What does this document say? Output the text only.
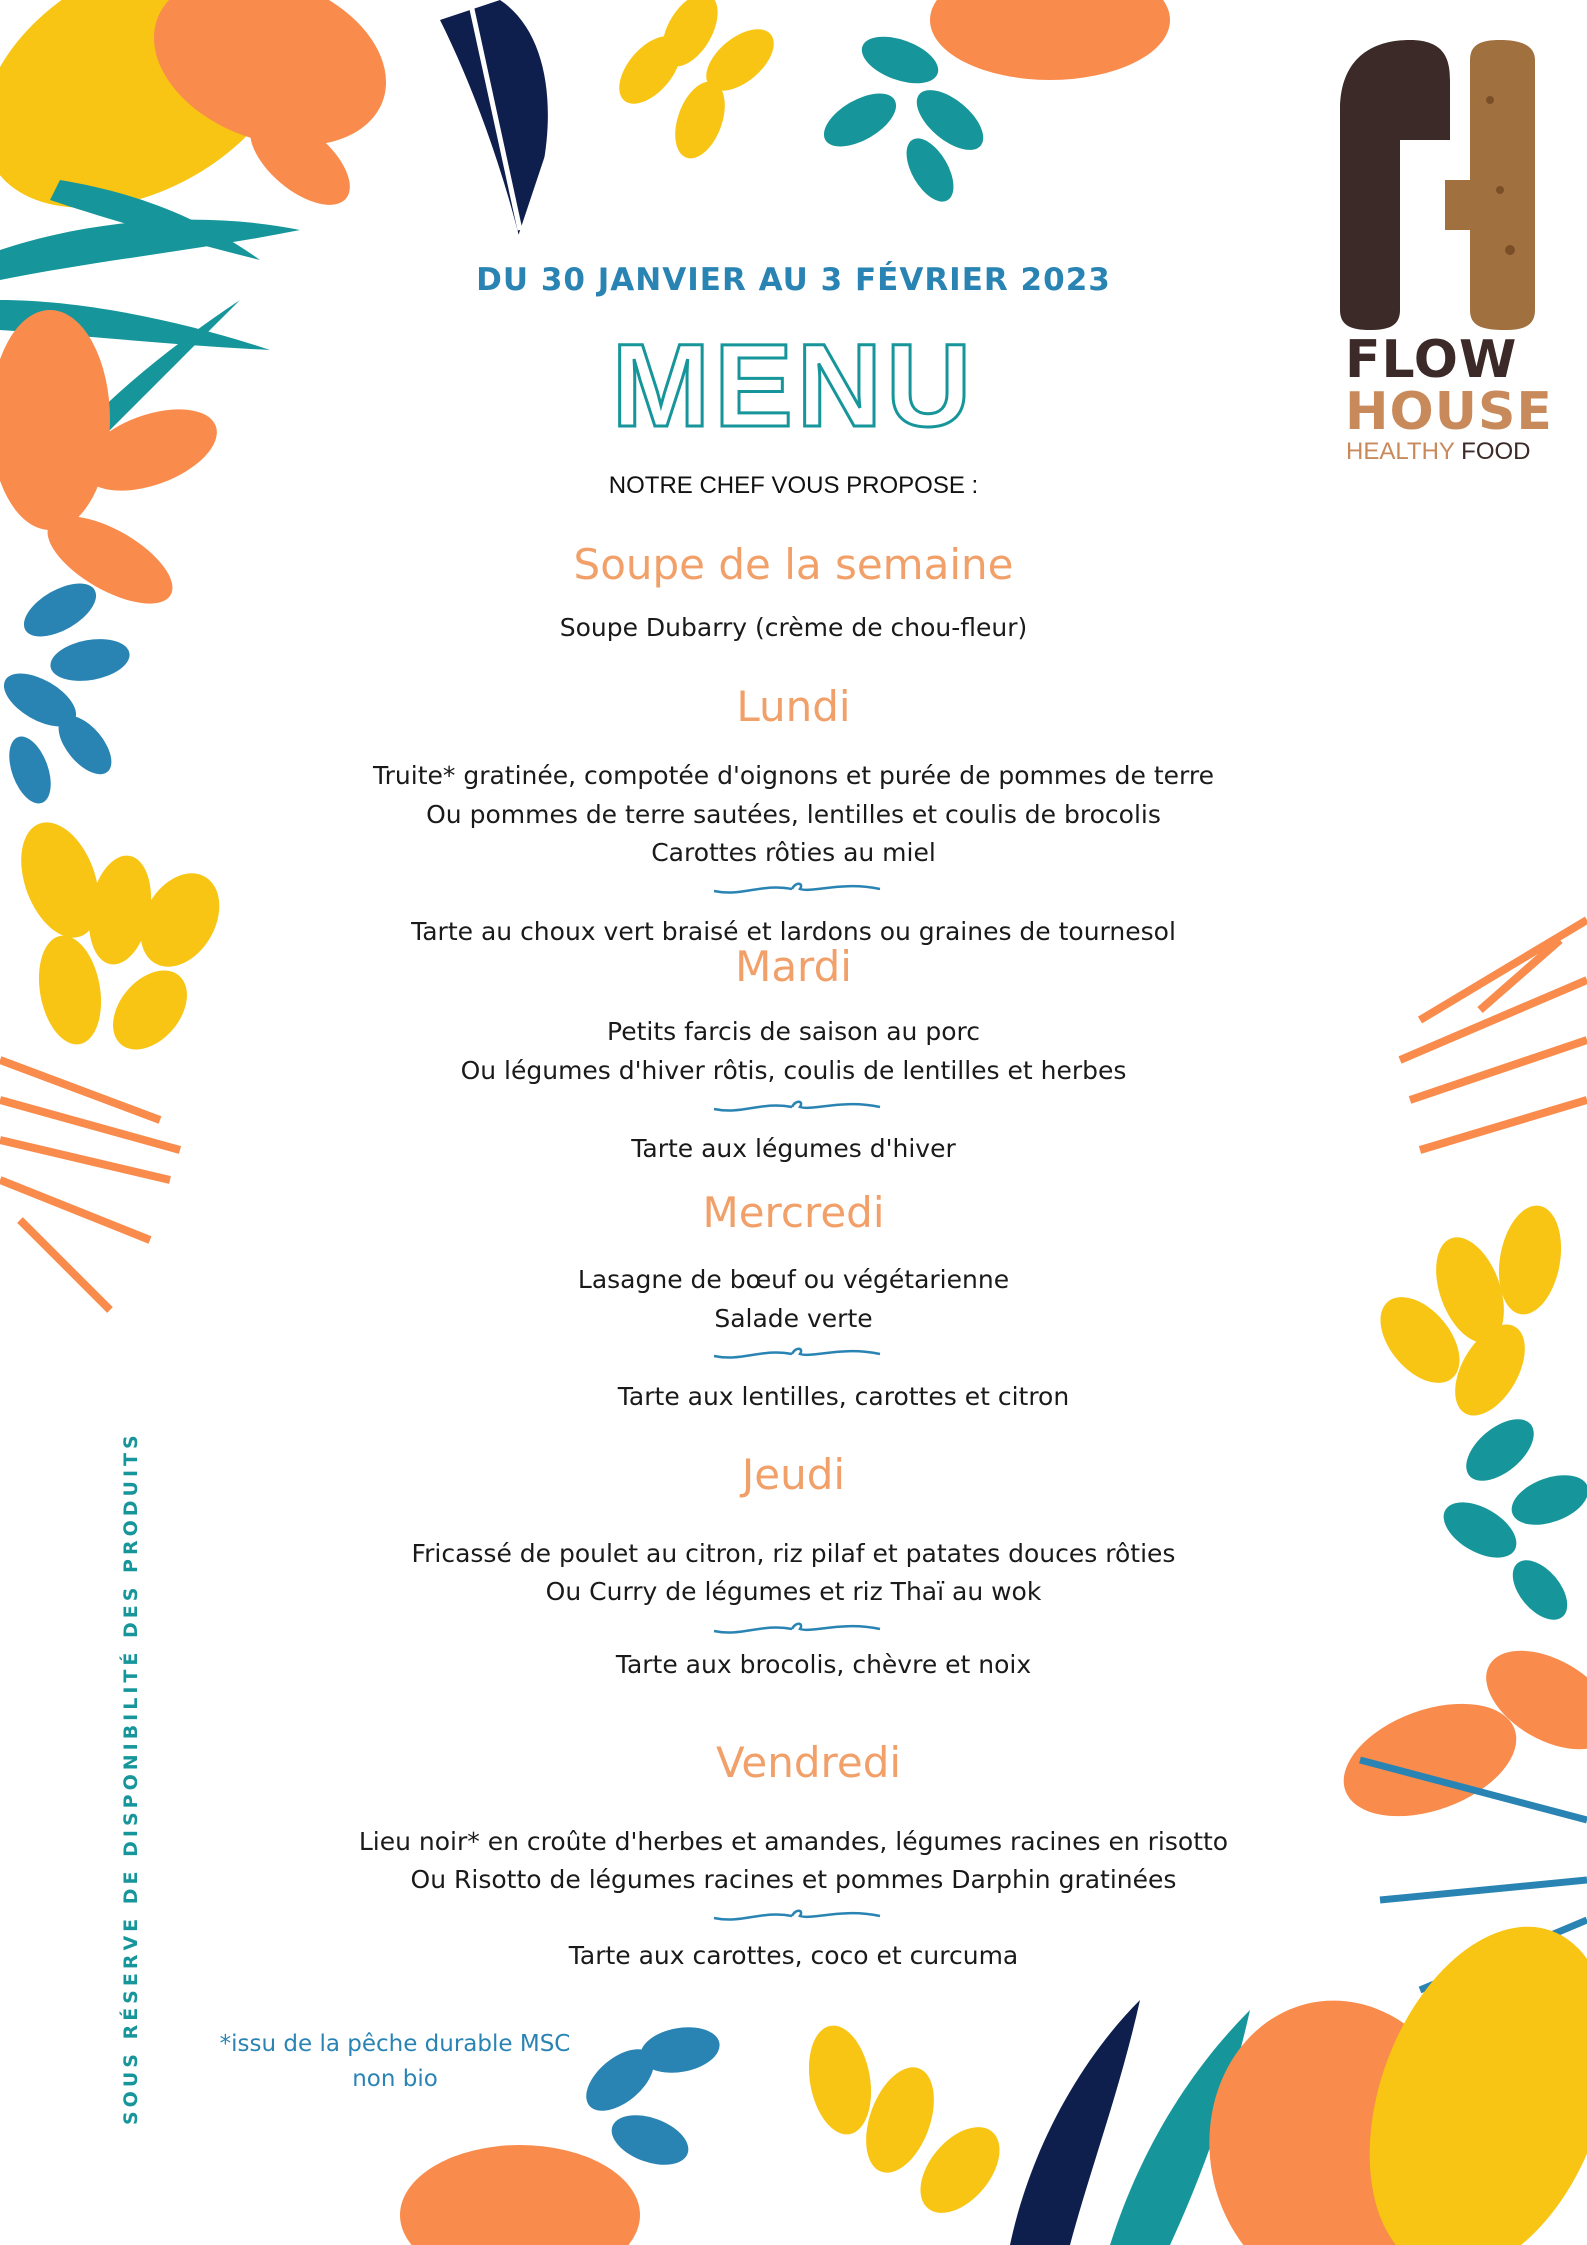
FLOW
HOUSE
HEALTHY FOOD
DU 30 JANVIER AU 3 FÉVRIER 2023
MENU
NOTRE CHEF VOUS PROPOSE :
Soupe de la semaine
Soupe Dubarry (crème de chou-fleur)
Lundi
Truite* gratinée, compotée d'oignons et purée de pommes de terre
Ou pommes de terre sautées, lentilles et coulis de brocolis
Carottes rôties au miel
Tarte au choux vert braisé et lardons ou graines de tournesol
Mardi
Petits farcis de saison au porc
Ou légumes d'hiver rôtis, coulis de lentilles et herbes
Tarte aux légumes d'hiver
Mercredi
Lasagne de bœuf ou végétarienne
Salade verte
Tarte aux lentilles, carottes et citron
Jeudi
Fricassé de poulet au citron, riz pilaf et patates douces rôties
Ou Curry de légumes et riz Thaï au wok
Tarte aux brocolis, chèvre et noix
Vendredi
Lieu noir* en croûte d'herbes et amandes, légumes racines en risotto
Ou Risotto de légumes racines et pommes Darphin gratinées
Tarte aux carottes, coco et curcuma
*issu de la pêche durable MSC
non bio
SOUS RÉSERVE DE DISPONIBILITÉ DES PRODUITS
